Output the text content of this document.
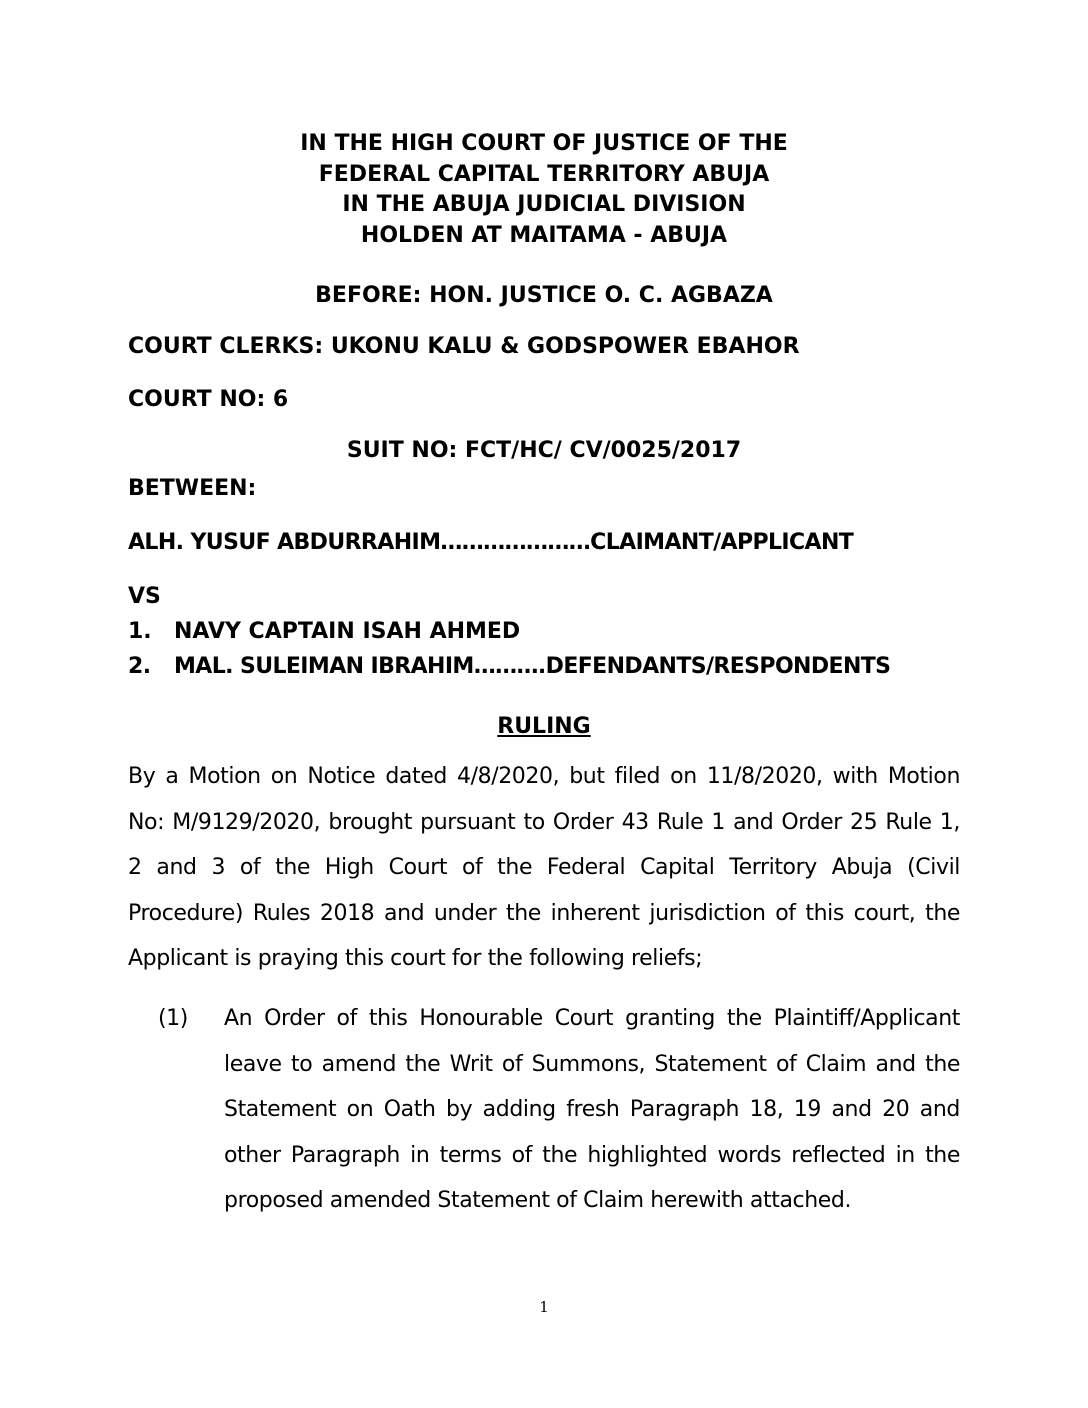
IN THE HIGH COURT OF JUSTICE OF THE
FEDERAL CAPITAL TERRITORY ABUJA
IN THE ABUJA JUDICIAL DIVISION
HOLDEN AT MAITAMA - ABUJA
BEFORE: HON. JUSTICE O. C. AGBAZA
COURT CLERKS: UKONU KALU & GODSPOWER EBAHOR
COURT NO: 6
SUIT NO: FCT/HC/ CV/0025/2017
BETWEEN:
ALH. YUSUF ABDURRAHIM…………………CLAIMANT/APPLICANT
VS
1. NAVY CAPTAIN ISAH AHMED
2. MAL. SULEIMAN IBRAHIM……….DEFENDANTS/RESPONDENTS
RULING
By a Motion on Notice dated 4/8/2020, but filed on 11/8/2020, with Motion No: M/9129/2020, brought pursuant to Order 43 Rule 1 and Order 25 Rule 1, 2 and 3 of the High Court of the Federal Capital Territory Abuja (Civil Procedure) Rules 2018 and under the inherent jurisdiction of this court, the Applicant is praying this court for the following reliefs;
(1) An Order of this Honourable Court granting the Plaintiff/Applicant leave to amend the Writ of Summons, Statement of Claim and the Statement on Oath by adding fresh Paragraph 18, 19 and 20 and other Paragraph in terms of the highlighted words reflected in the proposed amended Statement of Claim herewith attached.
1
